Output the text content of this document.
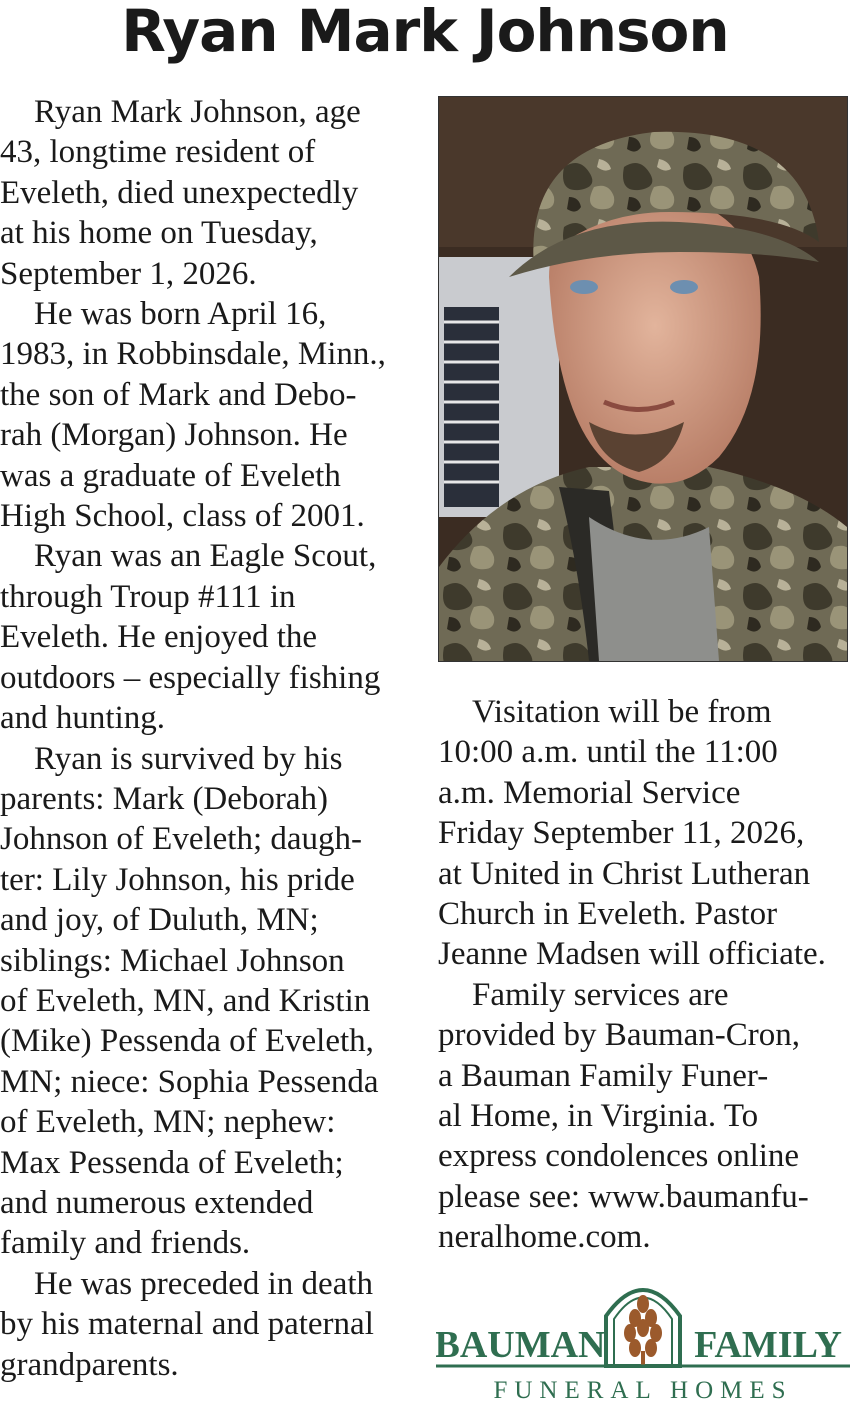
Ryan Mark Johnson

Ryan Mark Johnson, age
43, longtime resident of
Eveleth, died unexpectedly
at his home on Tuesday,
September 1, 2026.

He was born April 16,
1983, in Robbinsdale, Minn.,
the son of Mark and Debo-
rah (Morgan) Johnson. He
was a graduate of Eveleth
High School, class of 2001.

Ryan was an Eagle Scout,
through Troup #111 in
Eveleth. He enjoyed the
outdoors – especially fishing
and hunting.

Ryan is survived by his
parents: Mark (Deborah)
Johnson of Eveleth; daugh-
ter: Lily Johnson, his pride
and joy, of Duluth, MN;
siblings: Michael Johnson
of Eveleth, MN, and Kristin
(Mike) Pessenda of Eveleth,
MN; niece: Sophia Pessenda
of Eveleth, MN; nephew:
Max Pessenda of Eveleth;
and numerous extended
family and friends.

He was preceded in death
by his maternal and paternal
grandparents.

Visitation will be from
10:00 a.m. until the 11:00
a.m. Memorial Service
Friday September 11, 2026,
at United in Christ Lutheran
Church in Eveleth. Pastor
Jeanne Madsen will officiate.

Family services are
provided by Bauman-Cron,
a Bauman Family Funer-
al Home, in Virginia. To
express condolences online
please see: www.baumanfu-
neralhome.com.

BAUMAN FAMILY
FUNERAL HOMES
